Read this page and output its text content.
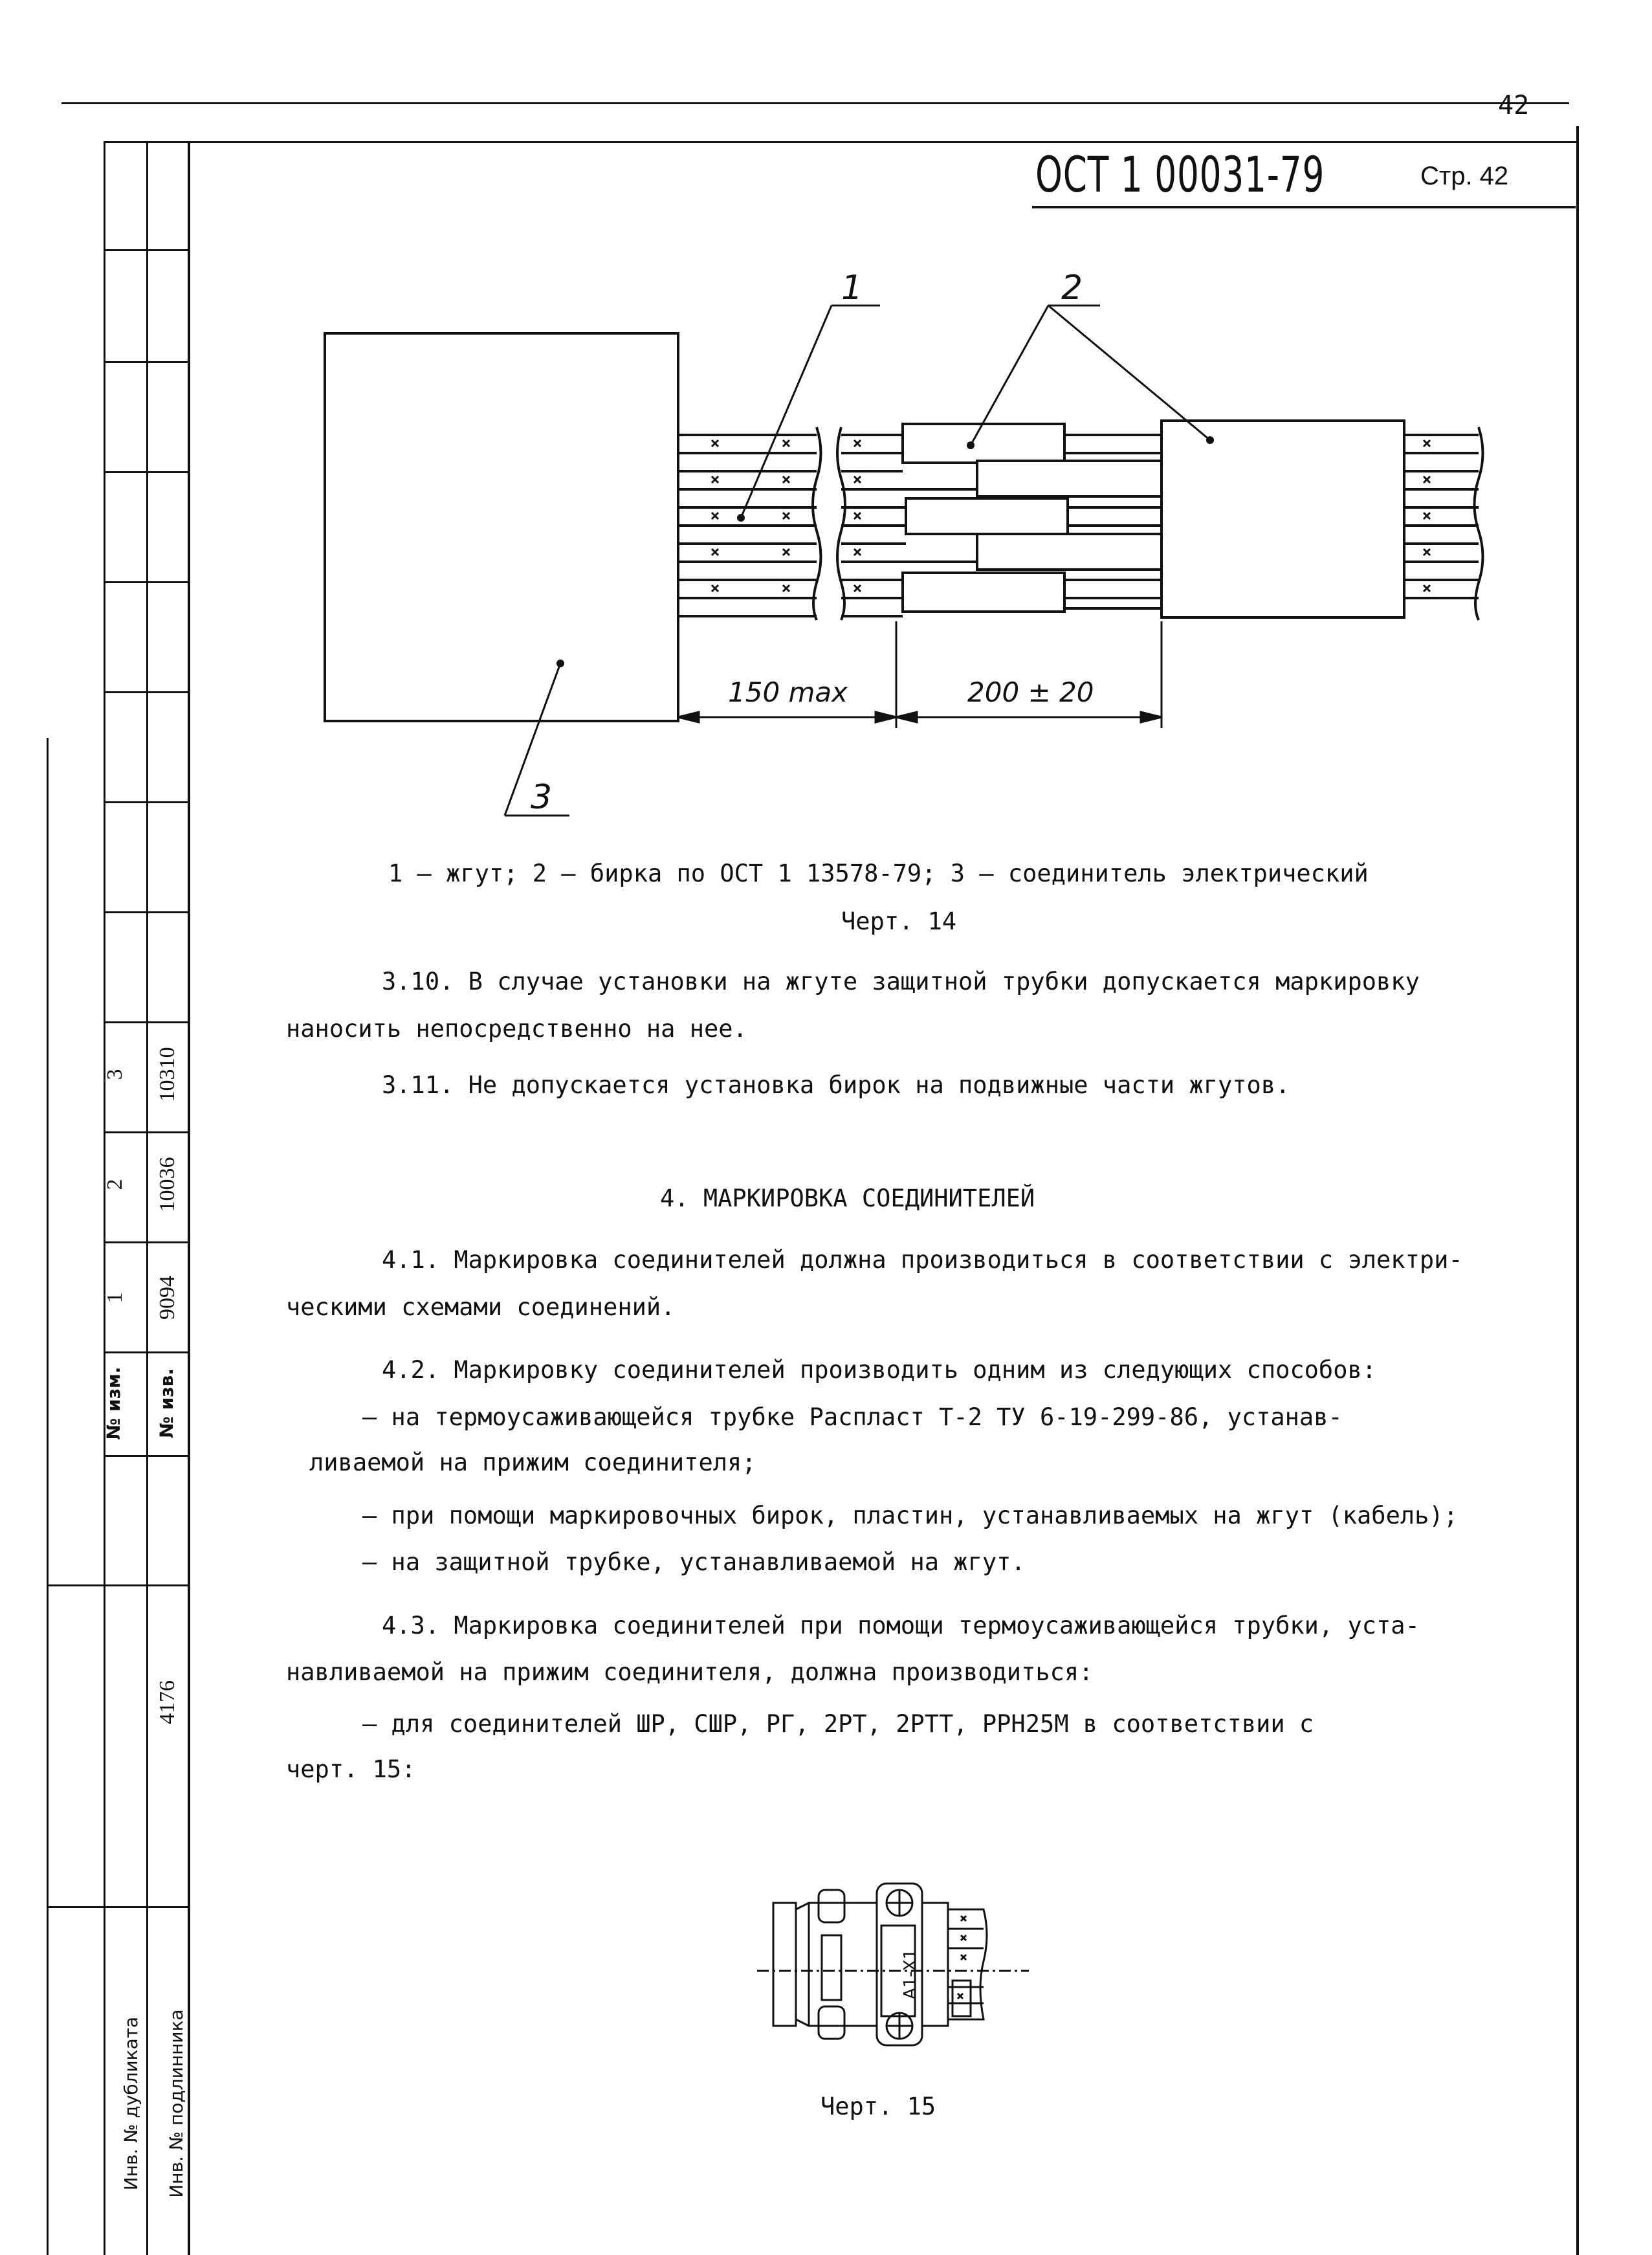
42
3
2
1
№ изм.
10310
10036
9094
№ изв.
4176
Инв. № дубликата Инв. № подлинника
ОСТ 1 00031-79	Стр. 42
1	2
3
150 max	200 ± 20
1 – жгут; 2 – бирка по ОСТ 1 13578-79; 3 – соединитель электрический
Черт. 14
3.10. В случае установки на жгуте защитной трубки допускается маркировку
наносить непосредственно на нее.
3.11. Не допускается установка бирок на подвижные части жгутов.
4. МАРКИРОВКА СОЕДИНИТЕЛЕЙ
4.1. Маркировка соединителей должна производиться в соответствии с электри-
ческими схемами соединений.
4.2. Маркировку соединителей производить одним из следующих способов:
– на термоусаживающейся трубке Расплаcт Т-2 ТУ 6-19-299-86, устанав-
ливаемой на прижим соединителя;
– при помощи маркировочных бирок, пластин, устанавливаемых на жгут (кабель);
– на защитной трубке, устанавливаемой на жгут.
4.3. Маркировка соединителей при помощи термоусаживающейся трубки, уста-
навливаемой на прижим соединителя, должна производиться:
– для соединителей ШР, СШР, РГ, 2РТ, 2РТТ, РРН25М в соответствии с
черт. 15:
А1-Х1
Черт. 15
